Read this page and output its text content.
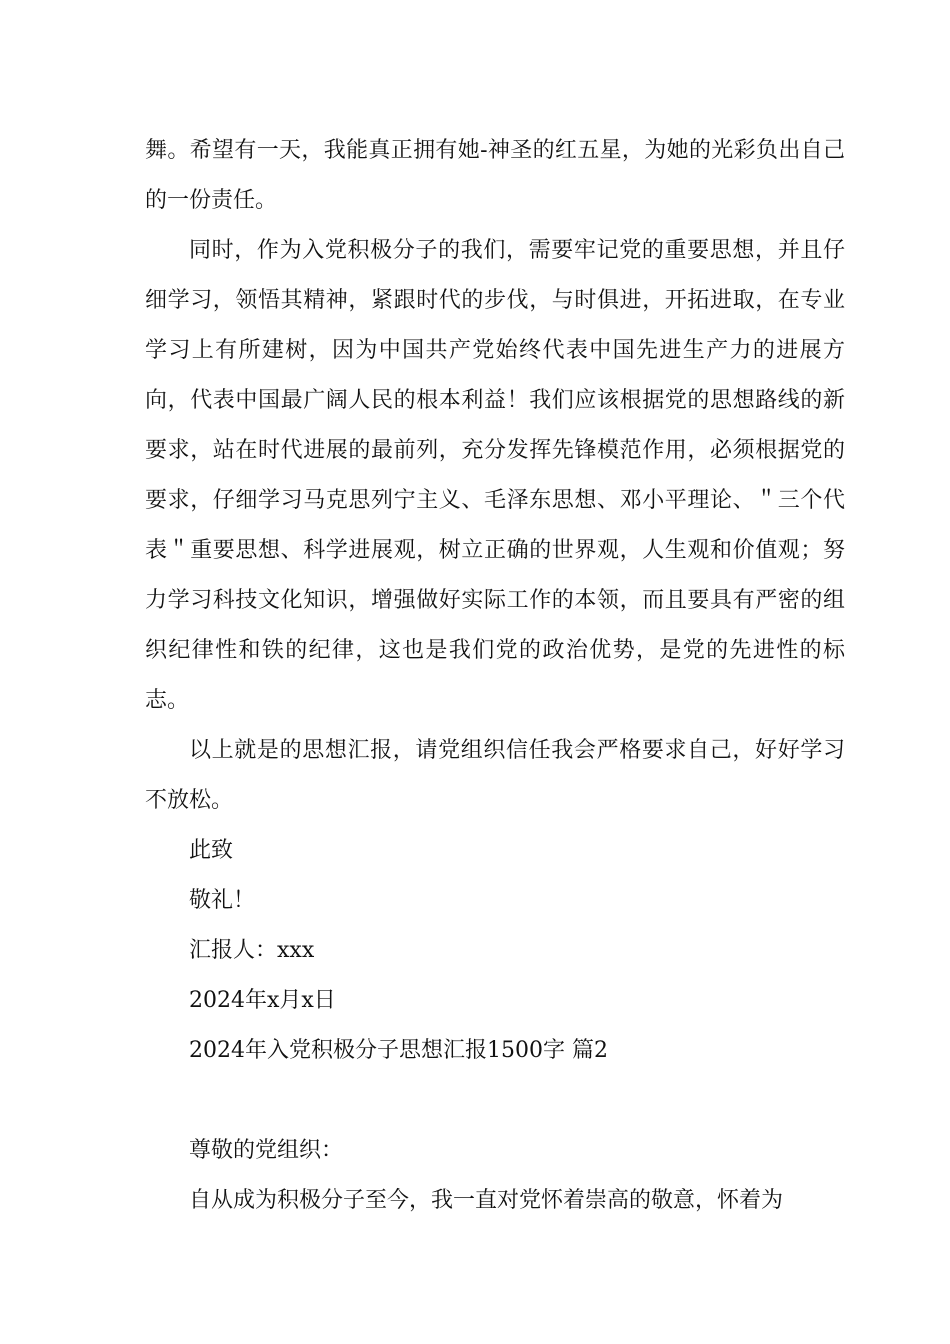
舞。希望有一天，我能真正拥有她-神圣的红五星，为她的光彩负出自己的一份责任。

同时，作为入党积极分子的我们，需要牢记党的重要思想，并且仔细学习，领悟其精神，紧跟时代的步伐，与时俱进，开拓进取，在专业学习上有所建树，因为中国共产党始终代表中国先进生产力的进展方向，代表中国最广阔人民的根本利益！我们应该根据党的思想路线的新要求，站在时代进展的最前列，充分发挥先锋模范作用，必须根据党的要求，仔细学习马克思列宁主义、毛泽东思想、邓小平理论、＂三个代表＂重要思想、科学进展观，树立正确的世界观，人生观和价值观；努力学习科技文化知识，增强做好实际工作的本领，而且要具有严密的组织纪律性和铁的纪律，这也是我们党的政治优势，是党的先进性的标志。

以上就是的思想汇报，请党组织信任我会严格要求自己，好好学习不放松。

此致

敬礼！

汇报人：xxx

2024年x月x日

2024年入党积极分子思想汇报1500字 篇2

尊敬的党组织：

自从成为积极分子至今，我一直对党怀着崇高的敬意，怀着为
